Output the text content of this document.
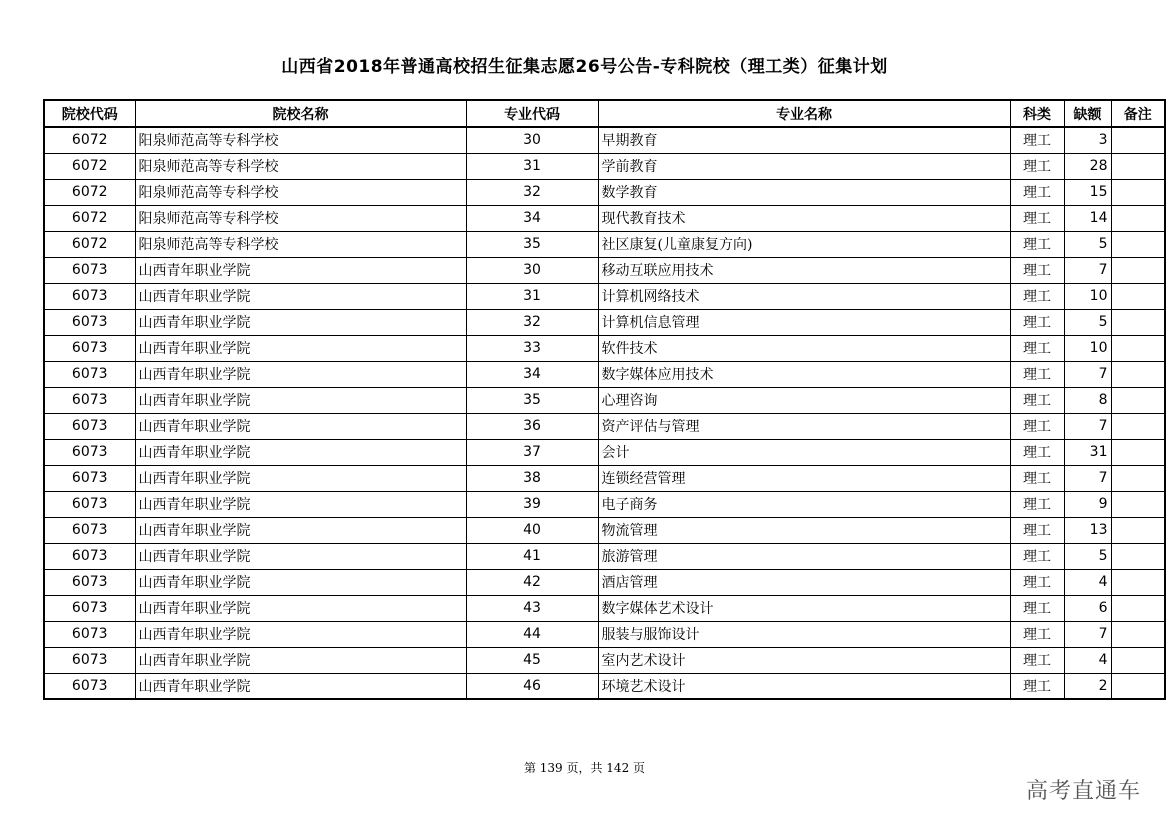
山西省2018年普通高校招生征集志愿26号公告-专科院校（理工类）征集计划
院校代码	院校名称	专业代码	专业名称	科类	缺额	备注
6072	阳泉师范高等专科学校	30	早期教育	理工	3	
6072	阳泉师范高等专科学校	31	学前教育	理工	28	
6072	阳泉师范高等专科学校	32	数学教育	理工	15	
6072	阳泉师范高等专科学校	34	现代教育技术	理工	14	
6072	阳泉师范高等专科学校	35	社区康复(儿童康复方向)	理工	5	
6073	山西青年职业学院	30	移动互联应用技术	理工	7	
6073	山西青年职业学院	31	计算机网络技术	理工	10	
6073	山西青年职业学院	32	计算机信息管理	理工	5	
6073	山西青年职业学院	33	软件技术	理工	10	
6073	山西青年职业学院	34	数字媒体应用技术	理工	7	
6073	山西青年职业学院	35	心理咨询	理工	8	
6073	山西青年职业学院	36	资产评估与管理	理工	7	
6073	山西青年职业学院	37	会计	理工	31	
6073	山西青年职业学院	38	连锁经营管理	理工	7	
6073	山西青年职业学院	39	电子商务	理工	9	
6073	山西青年职业学院	40	物流管理	理工	13	
6073	山西青年职业学院	41	旅游管理	理工	5	
6073	山西青年职业学院	42	酒店管理	理工	4	
6073	山西青年职业学院	43	数字媒体艺术设计	理工	6	
6073	山西青年职业学院	44	服装与服饰设计	理工	7	
6073	山西青年职业学院	45	室内艺术设计	理工	4	
6073	山西青年职业学院	46	环境艺术设计	理工	2	
第 139 页，共 142 页
高考直通车
